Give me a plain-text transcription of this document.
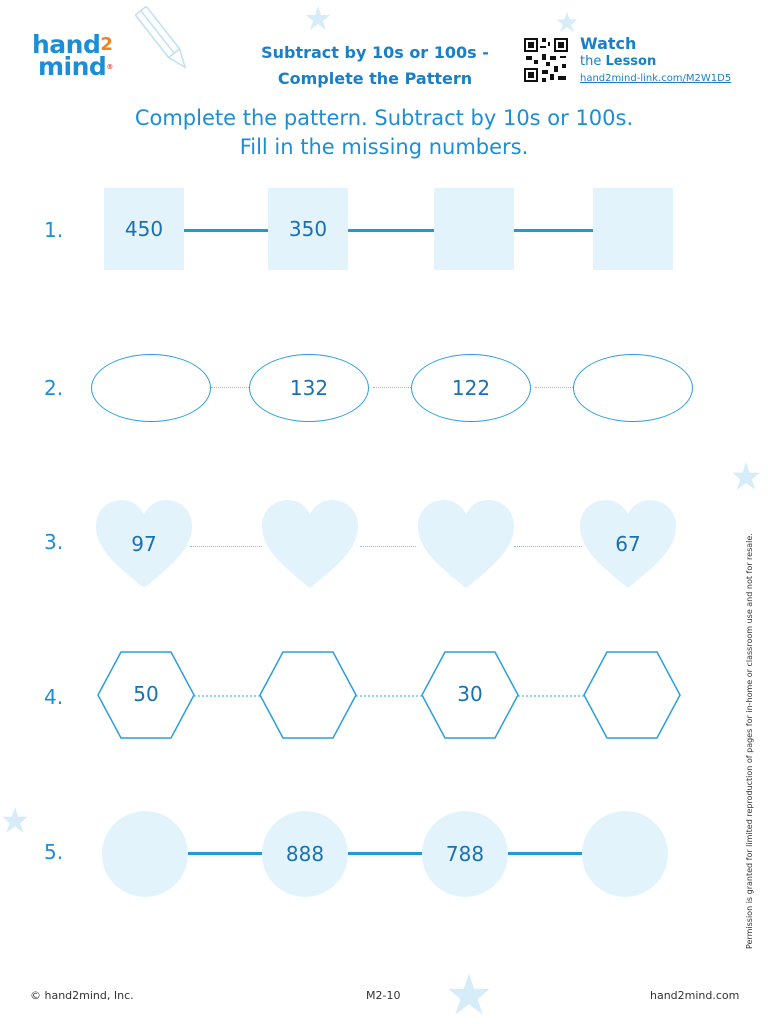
hand$^2$
mind®
Subtract by 10s or 100s -
Complete the Pattern
Watch
the Lesson
hand2mind-link.com/M2W1D5
Complete the pattern. Subtract by 10s or 100s.
Fill in the missing numbers.
1.	450	350
2.	132	122
3.	97	67
4.	50	30
5.	888	788	Permission is granted for limited reproduction of pages for in-home or classroom use and not for resale.
© hand2mind, Inc.	M2-10	hand2mind.com
